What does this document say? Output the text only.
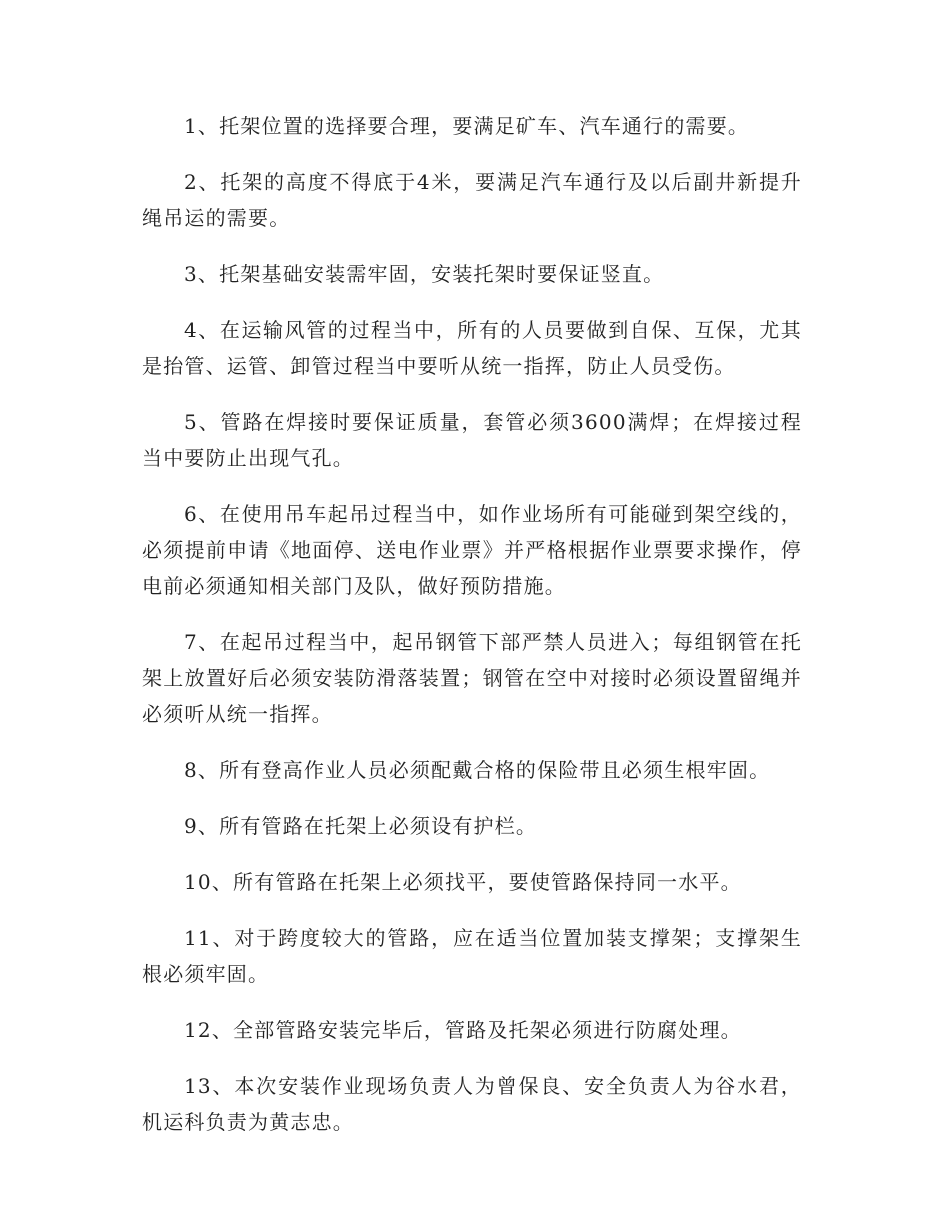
1、托架位置的选择要合理，要满足矿车、汽车通行的需要。

2、托架的高度不得底于4米，要满足汽车通行及以后副井新提升绳吊运的需要。

3、托架基础安装需牢固，安装托架时要保证竖直。

4、在运输风管的过程当中，所有的人员要做到自保、互保，尤其是抬管、运管、卸管过程当中要听从统一指挥，防止人员受伤。

5、管路在焊接时要保证质量，套管必须3600满焊；在焊接过程当中要防止出现气孔。

6、在使用吊车起吊过程当中，如作业场所有可能碰到架空线的，必须提前申请《地面停、送电作业票》并严格根据作业票要求操作，停电前必须通知相关部门及队，做好预防措施。

7、在起吊过程当中，起吊钢管下部严禁人员进入；每组钢管在托架上放置好后必须安装防滑落装置；钢管在空中对接时必须设置留绳并必须听从统一指挥。

8、所有登高作业人员必须配戴合格的保险带且必须生根牢固。

9、所有管路在托架上必须设有护栏。

10、所有管路在托架上必须找平，要使管路保持同一水平。

11、对于跨度较大的管路，应在适当位置加装支撑架；支撑架生根必须牢固。

12、全部管路安装完毕后，管路及托架必须进行防腐处理。

13、本次安装作业现场负责人为曾保良、安全负责人为谷水君，机运科负责为黄志忠。
